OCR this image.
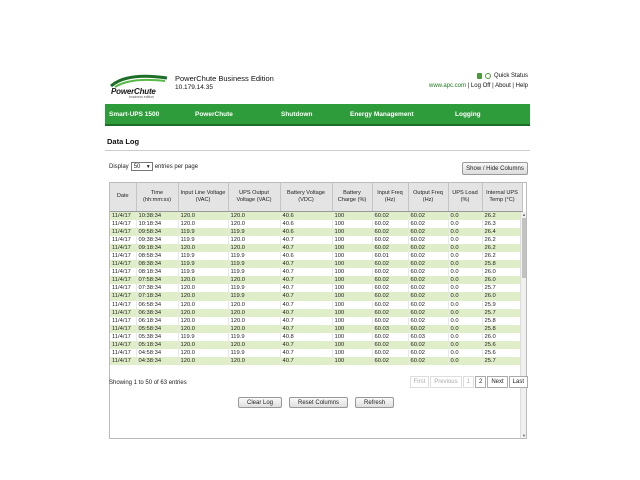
PowerChute
business edition
PowerChute Business Edition
10.179.14.35
Quick Status
www.apc.com | Log Off | About | Help
Smart-UPS 1500	PowerChute	Shutdown	Energy Management	Logging
Data Log
Display 50 ▼ entries per page	Show / Hide Columns
Date	Time (hh:mm:ss)	Input Line Voltage (VAC)	UPS Output Voltage (VAC)	Battery Voltage (VDC)	Battery Charge (%)	Input Freq (Hz)	Output Freq (Hz)	UPS Load (%)	Internal UPS Temp (°C)
11/4/17	10:38:34	120.0	120.0	40.6	100	60.02	60.02	0.0	26.2
11/4/17	10:18:34	120.0	120.0	40.6	100	60.02	60.02	0.0	26.3
11/4/17	09:58:34	119.9	119.9	40.6	100	60.02	60.02	0.0	26.4
11/4/17	09:38:34	119.9	120.0	40.7	100	60.02	60.02	0.0	26.2
11/4/17	09:18:34	120.0	120.0	40.7	100	60.02	60.02	0.0	26.2
11/4/17	08:58:34	119.9	119.9	40.6	100	60.01	60.02	0.0	26.2
11/4/17	08:38:34	119.9	119.9	40.7	100	60.02	60.02	0.0	25.8
11/4/17	08:18:34	119.9	119.9	40.7	100	60.02	60.02	0.0	26.0
11/4/17	07:58:34	120.0	120.0	40.7	100	60.02	60.02	0.0	26.0
11/4/17	07:38:34	120.0	119.9	40.7	100	60.02	60.02	0.0	25.7
11/4/17	07:18:34	120.0	119.9	40.7	100	60.02	60.02	0.0	26.0
11/4/17	06:58:34	120.0	120.0	40.7	100	60.02	60.02	0.0	25.9
11/4/17	06:38:34	120.0	120.0	40.7	100	60.02	60.02	0.0	25.7
11/4/17	06:18:34	120.0	120.0	40.7	100	60.02	60.02	0.0	25.8
11/4/17	05:58:34	120.0	120.0	40.7	100	60.03	60.02	0.0	25.8
11/4/17	05:38:34	119.9	119.9	40.8	100	60.02	60.03	0.0	26.0
11/4/17	05:18:34	120.0	120.0	40.7	100	60.02	60.02	0.0	25.6
11/4/17	04:58:34	120.0	119.9	40.7	100	60.02	60.02	0.0	25.6
11/4/17	04:38:34	120.0	120.0	40.7	100	60.02	60.02	0.0	25.7
▲
▼
Showing 1 to 50 of 63 entries	First	Previous	1	2	Next	Last
Clear Log	Reset Columns	Refresh
